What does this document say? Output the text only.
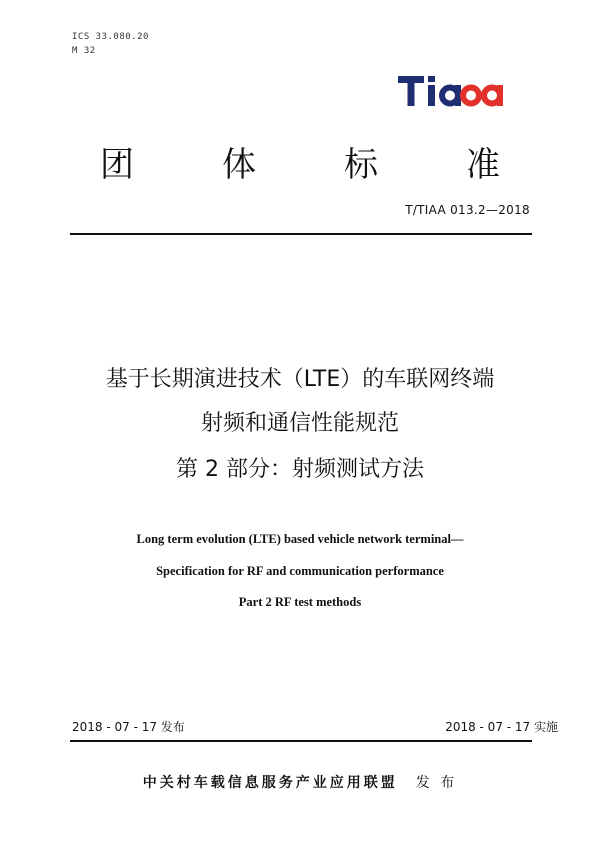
ICS 33.080.20
M 32
团	体	标	准
T/TIAA 013.2—2018
基于长期演进技术（LTE）的车联网终端
射频和通信性能规范
第 2 部分：射频测试方法
Long term evolution (LTE) based vehicle network terminal—
Specification for RF and communication performance
Part 2 RF test methods
2018 - 07 - 17 发布	2018 - 07 - 17 实施
中关村车载信息服务产业应用联盟 发 布
